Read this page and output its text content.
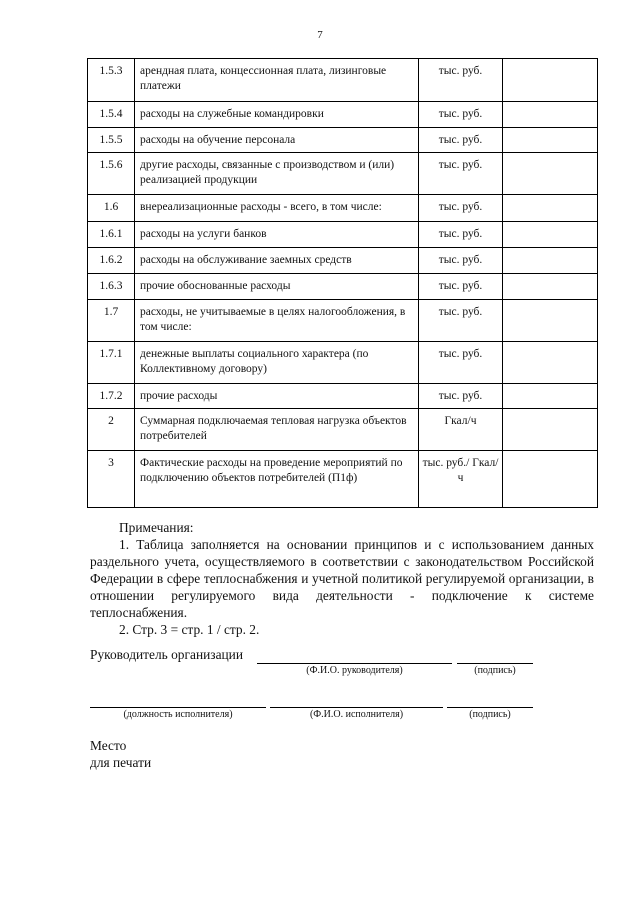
7
1.5.3	арендная плата, концессионная плата, лизинговые платежи	тыс. руб.	
1.5.4	расходы на служебные командировки	тыс. руб.	
1.5.5	расходы на обучение персонала	тыс. руб.	
1.5.6	другие расходы, связанные с производством и (или) реализацией продукции	тыс. руб.	
1.6	внереализационные расходы - всего, в том числе:	тыс. руб.	
1.6.1	расходы на услуги банков	тыс. руб.	
1.6.2	расходы на обслуживание заемных средств	тыс. руб.	
1.6.3	прочие обоснованные расходы	тыс. руб.	
1.7	расходы, не учитываемые в целях налогообложения, в том числе:	тыс. руб.	
1.7.1	денежные выплаты социального характера (по Коллективному договору)	тыс. руб.	
1.7.2	прочие расходы	тыс. руб.	
2	Суммарная подключаемая тепловая нагрузка объектов потребителей	Гкал/ч	
3	Фактические расходы на проведение мероприятий по подключению объектов потребителей (П1ф)	тыс. руб./ Гкал/ч	

Примечания:

1. Таблица заполняется на основании принципов и с использованием данных раздельного учета, осуществляемого в соответствии с законодательством Российской Федерации в сфере теплоснабжения и учетной политикой регулируемой организации, в отношении регулируемого вида деятельности - подключение к системе теплоснабжения.

2. Стр. 3 = стр. 1 / стр. 2.

Руководитель организации
(Ф.И.О. руководителя)	(подпись)
(должность исполнителя)	(Ф.И.О. исполнителя)	(подпись)
Место
для печати
